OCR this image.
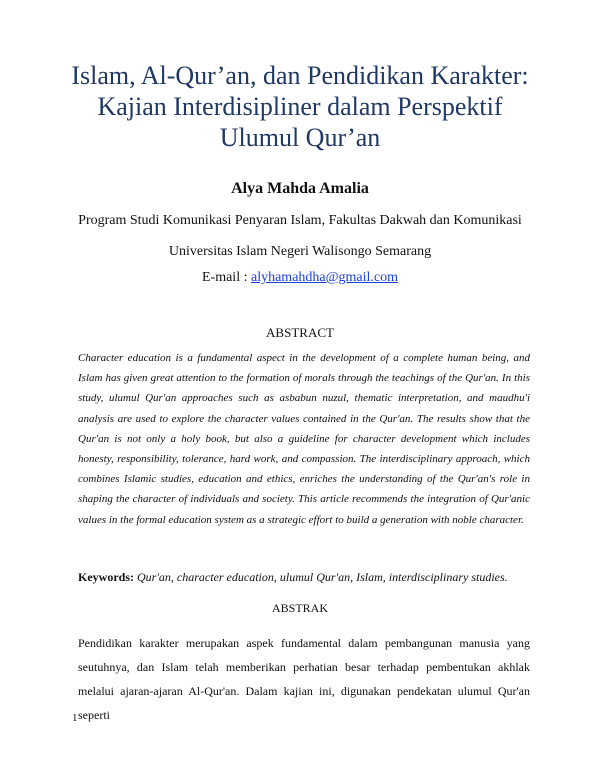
Islam, Al-Qur’an, dan Pendidikan Karakter:
Kajian Interdisipliner dalam Perspektif
Ulumul Qur’an

Alya Mahda Amalia

Program Studi Komunikasi Penyaran Islam, Fakultas Dakwah dan Komunikasi

Universitas Islam Negeri Walisongo Semarang

E-mail : alyhamahdha@gmail.com

ABSTRACT

Character education is a fundamental aspect in the development of a complete human being, and Islam has given great attention to the formation of morals through the teachings of the Qur'an. In this study, ulumul Qur'an approaches such as asbabun nuzul, thematic interpretation, and maudhu'i analysis are used to explore the character values contained in the Qur'an. The results show that the Qur'an is not only a holy book, but also a guideline for character development which includes honesty, responsibility, tolerance, hard work, and compassion. The interdisciplinary approach, which combines Islamic studies, education and ethics, enriches the understanding of the Qur'an's role in shaping the character of individuals and society. This article recommends the integration of Qur'anic values in the formal education system as a strategic effort to build a generation with noble character.

Keywords: Qur'an, character education, ulumul Qur'an, Islam, interdisciplinary studies.

ABSTRAK

Pendidikan karakter merupakan aspek fundamental dalam pembangunan manusia yang seutuhnya, dan Islam telah memberikan perhatian besar terhadap pembentukan akhlak melalui ajaran-ajaran Al-Qur'an. Dalam kajian ini, digunakan pendekatan ulumul Qur'an seperti

1
